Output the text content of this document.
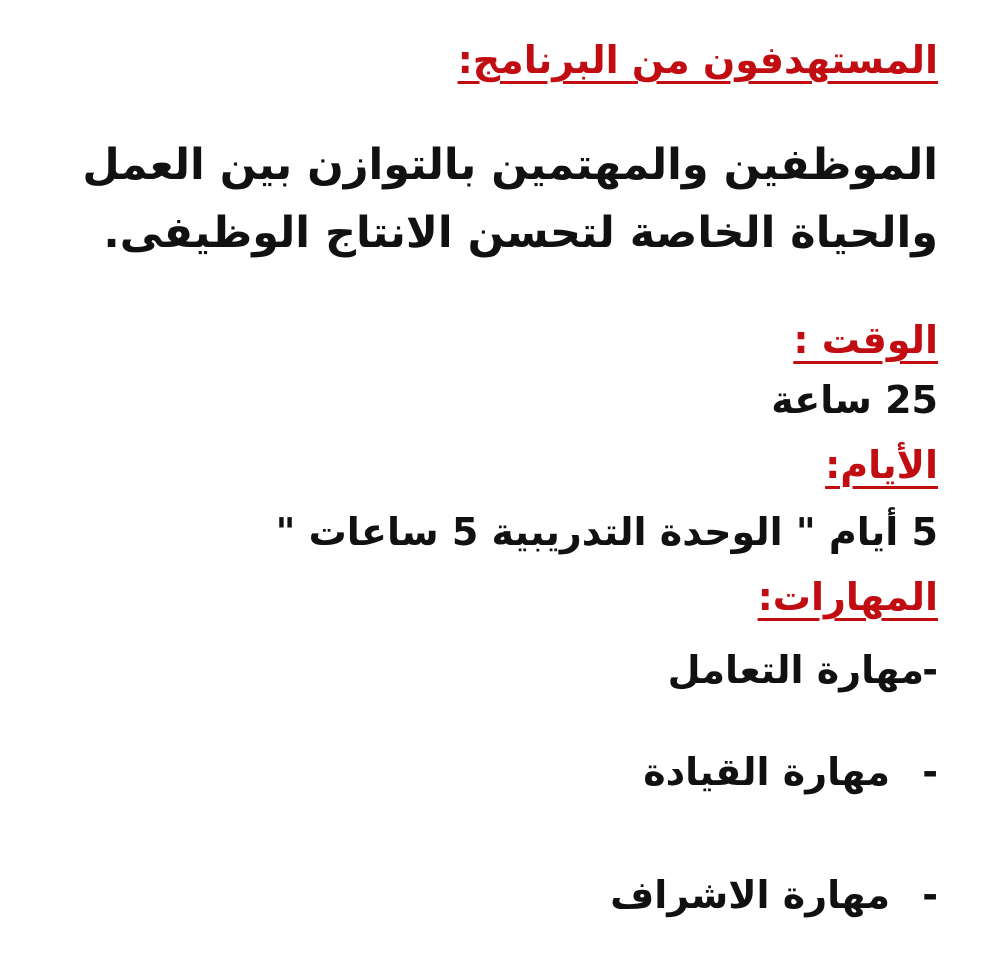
المستهدفون من البرنامج:
الموظفين والمهتمين بالتوازن بين العمل
والحياة الخاصة لتحسن الانتاج الوظيفى.
الوقت :
25 ساعة
الأيام:
5 أيام " الوحدة التدريبية 5 ساعات "
المهارات:
-مهارة التعامل
-مهارة القيادة
-مهارة الاشراف
